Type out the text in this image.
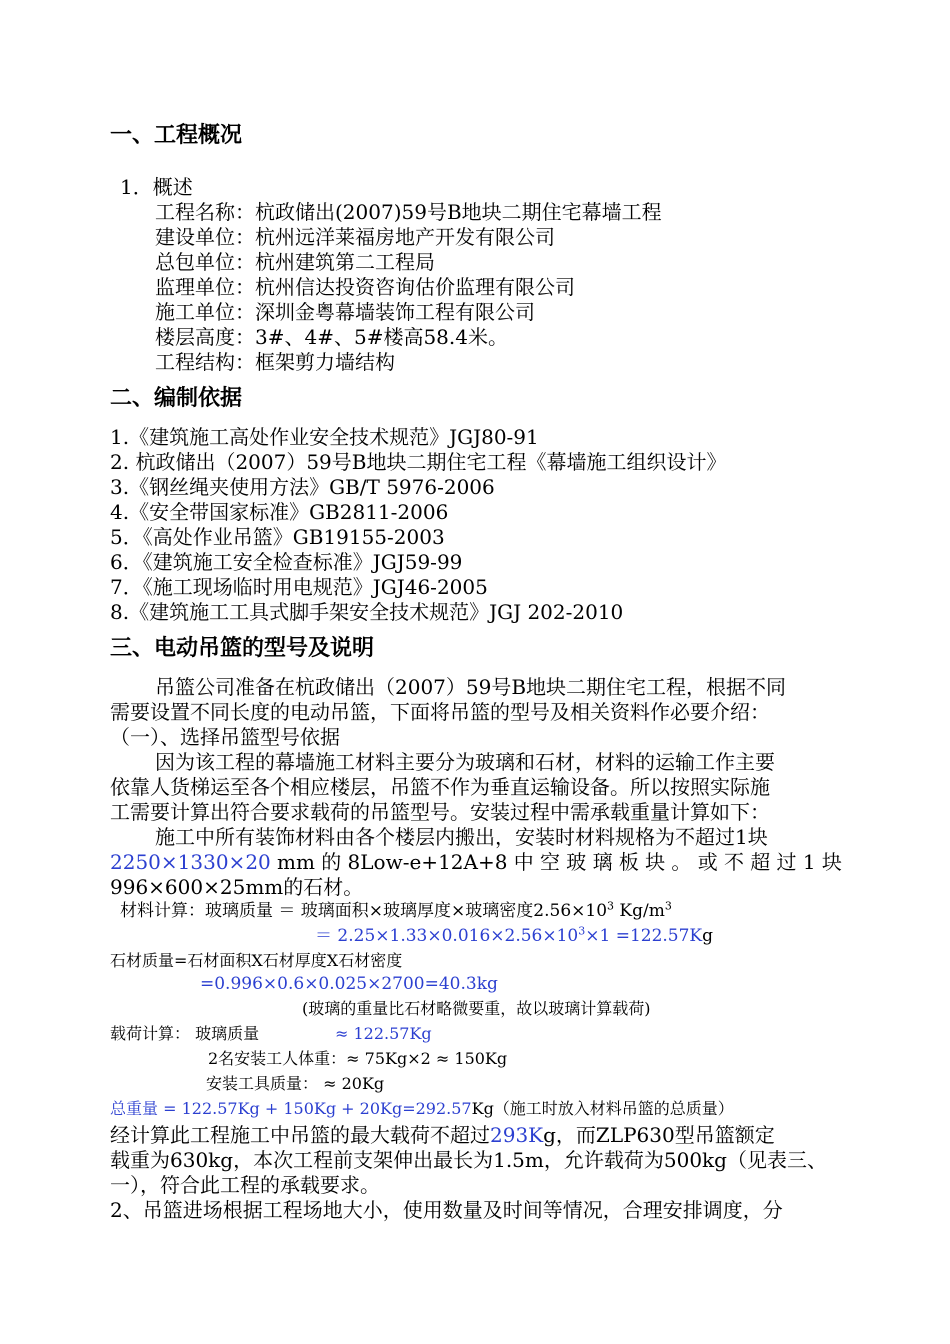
一、工程概况
1．概述
工程名称：杭政储出(2007)59号B地块二期住宅幕墙工程
建设单位：杭州远洋莱福房地产开发有限公司
总包单位：杭州建筑第二工程局
监理单位：杭州信达投资咨询估价监理有限公司
施工单位：深圳金粤幕墙装饰工程有限公司
楼层高度：3#、4#、5#楼高58.4米。
工程结构：框架剪力墙结构
二、编制依据
1.《建筑施工高处作业安全技术规范》JGJ80-91
2. 杭政储出（2007）59号B地块二期住宅工程《幕墙施工组织设计》
3.《钢丝绳夹使用方法》GB/T 5976-2006
4.《安全带国家标准》GB2811-2006
5．《高处作业吊篮》GB19155-2003
6．《建筑施工安全检查标准》JGJ59-99
7．《施工现场临时用电规范》JGJ46-2005
8.《建筑施工工具式脚手架安全技术规范》JGJ 202-2010
三、电动吊篮的型号及说明
吊篮公司准备在杭政储出（2007）59号B地块二期住宅工程，根据不同
需要设置不同长度的电动吊篮，下面将吊篮的型号及相关资料作必要介绍：
（一）、选择吊篮型号依据
因为该工程的幕墙施工材料主要分为玻璃和石材，材料的运输工作主要
依靠人货梯运至各个相应楼层，吊篮不作为垂直运输设备。所以按照实际施
工需要计算出符合要求载荷的吊篮型号。安装过程中需承载重量计算如下：
施工中所有装饰材料由各个楼层内搬出，安装时材料规格为不超过1块
2250×1330×20 mm 的 8Low-e+12A+8 中 空 玻 璃 板 块 。 或 不 超 过 1 块
996×600×25mm的石材。
材料计算：玻璃质量 ＝ 玻璃面积×玻璃厚度×玻璃密度$2.56\times 10^3$ $Kg/m^3$
＝ $2.25\times 1.33\times 0.016\times 2.56\times 10^3\times 1 =122.57Kg$
石材质量=石材面积X石材厚度X石材密度
=0.996×0.6×0.025×2700=40.3kg
(玻璃的重量比石材略微要重，故以玻璃计算载荷)
载荷计算： 玻璃质量	≈ 122.57Kg
2名安装工人体重：≈ 75Kg×2 ≈ 150Kg
安装工具质量： ≈ 20Kg
总重量 = 122.57Kg + 150Kg + 20Kg=292.57Kg（施工时放入材料吊篮的总质量）
经计算此工程施工中吊篮的最大载荷不超过293Kg，而ZLP630型吊篮额定
载重为630kg，本次工程前支架伸出最长为1.5m，允许载荷为500kg（见表三、
一），符合此工程的承载要求。
2、吊篮进场根据工程场地大小，使用数量及时间等情况，合理安排调度，分
